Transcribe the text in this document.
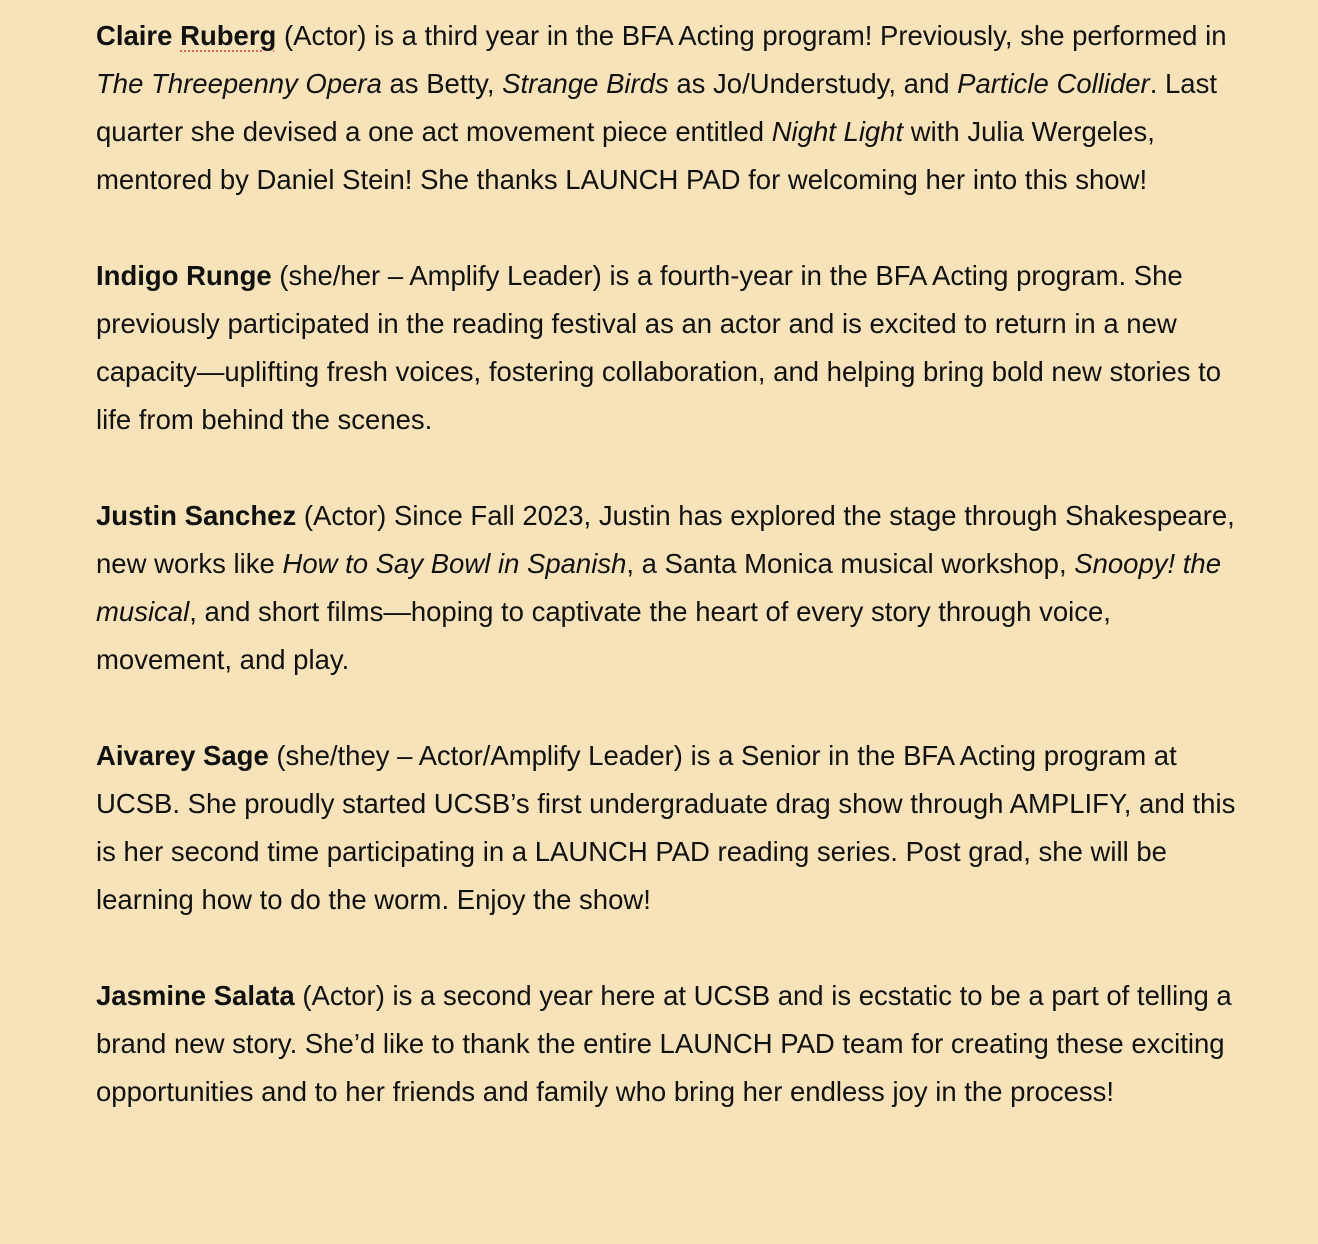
Claire Ruberg (Actor) is a third year in the BFA Acting program! Previously, she performed in The Threepenny Opera as Betty, Strange Birds as Jo/Understudy, and Particle Collider. Last quarter she devised a one act movement piece entitled Night Light with Julia Wergeles, mentored by Daniel Stein! She thanks LAUNCH PAD for welcoming her into this show!

Indigo Runge (she/her – Amplify Leader) is a fourth-year in the BFA Acting program. She previously participated in the reading festival as an actor and is excited to return in a new capacity—uplifting fresh voices, fostering collaboration, and helping bring bold new stories to life from behind the scenes.

Justin Sanchez (Actor) Since Fall 2023, Justin has explored the stage through Shakespeare, new works like How to Say Bowl in Spanish, a Santa Monica musical workshop, Snoopy! the musical, and short films—hoping to captivate the heart of every story through voice, movement, and play.

Aivarey Sage (she/they – Actor/Amplify Leader) is a Senior in the BFA Acting program at UCSB. She proudly started UCSB’s first undergraduate drag show through AMPLIFY, and this is her second time participating in a LAUNCH PAD reading series. Post grad, she will be learning how to do the worm. Enjoy the show!

Jasmine Salata (Actor) is a second year here at UCSB and is ecstatic to be a part of telling a brand new story. She’d like to thank the entire LAUNCH PAD team for creating these exciting opportunities and to her friends and family who bring her endless joy in the process!
